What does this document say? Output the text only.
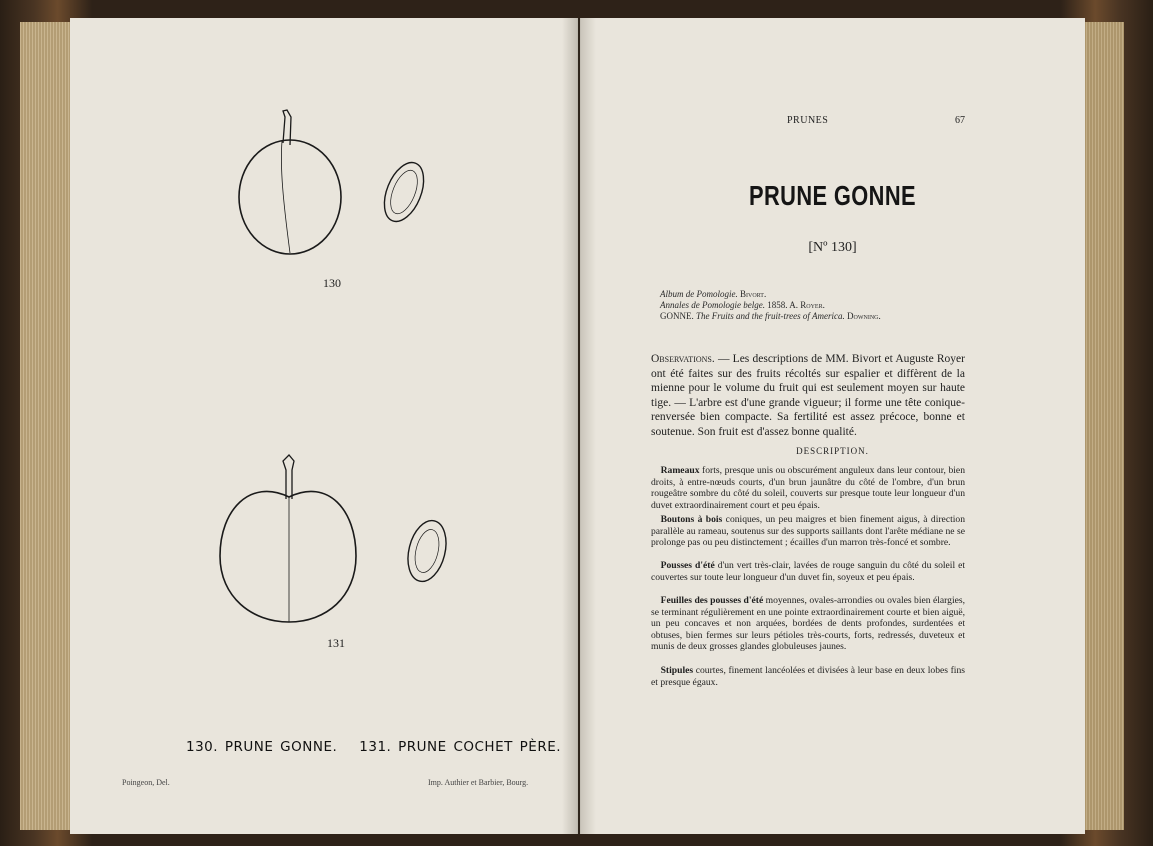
130
131
130. PRUNE GONNE. 131. PRUNE COCHET PÈRE.
Poingeon, Del.	Imp. Authier et Barbier, Bourg.
PRUNES	67
PRUNE GONNE
[Nº 130]
Album de Pomologie. Bivort.
Annales de Pomologie belge. 1858. A. Royer.
GONNE. The Fruits and the fruit-trees of America. Downing.
Observations. — Les descriptions de MM. Bivort et Auguste Royer ont été faites sur des fruits récoltés sur espalier et diffèrent de la mienne pour le volume du fruit qui est seulement moyen sur haute tige. — L'arbre est d'une grande vigueur; il forme une tête conique-renversée bien compacte. Sa fertilité est assez précoce, bonne et soutenue. Son fruit est d'assez bonne qualité.
DESCRIPTION.
 Rameaux forts, presque unis ou obscurément anguleux dans leur contour, bien droits, à entre-nœuds courts, d'un brun jaunâtre du côté de l'ombre, d'un brun rougeâtre sombre du côté du soleil, couverts sur presque toute leur longueur d'un duvet extraordinairement court et peu épais.
 Boutons à bois coniques, un peu maigres et bien finement aigus, à direction parallèle au rameau, soutenus sur des supports saillants dont l'arête médiane ne se prolonge pas ou peu distinctement ; écailles d'un marron très-foncé et sombre.
 Pousses d'été d'un vert très-clair, lavées de rouge sanguin du côté du soleil et couvertes sur toute leur longueur d'un duvet fin, soyeux et peu épais.
 Feuilles des pousses d'été moyennes, ovales-arrondies ou ovales bien élargies, se terminant régulièrement en une pointe extraordinairement courte et bien aiguë, un peu concaves et non arquées, bordées de dents profondes, surdentées et obtuses, bien fermes sur leurs pétioles très-courts, forts, redressés, duveteux et munis de deux grosses glandes globuleuses jaunes.
 Stipules courtes, finement lancéolées et divisées à leur base en deux lobes fins et presque égaux.
